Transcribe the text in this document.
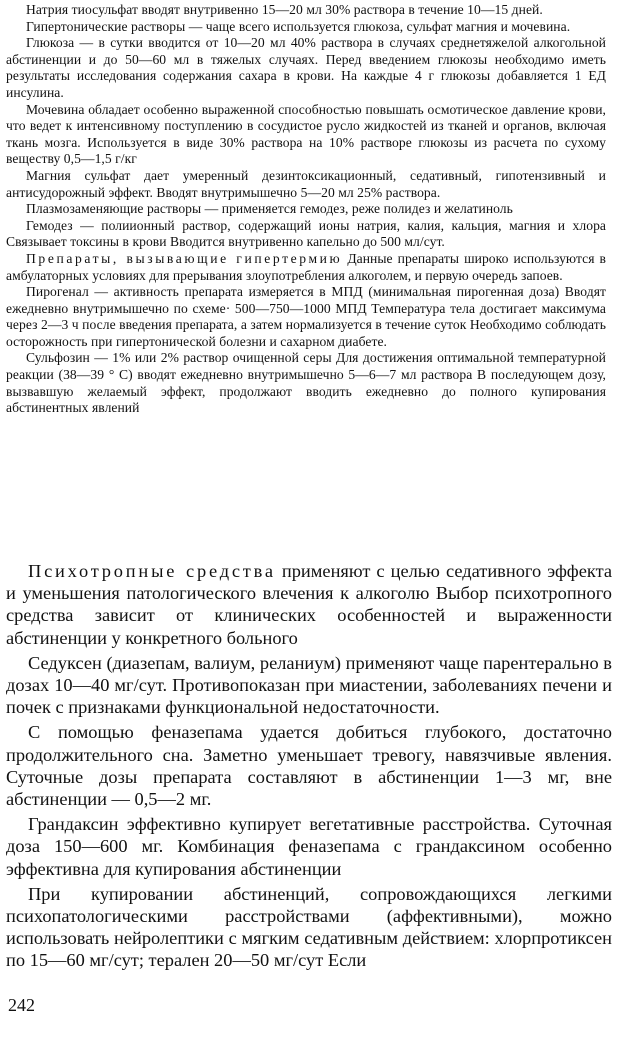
Натрия тиосульфат вводят внутривенно 15—20 мл 30% раствора в течение 10—15 дней.

Гипертонические растворы — чаще всего используется глюкоза, сульфат магния и мочевина.

Глюкоза — в сутки вводится от 10—20 мл 40% раствора в случаях среднетяжелой алкогольной абстиненции и до 50—60 мл в тяжелых случаях. Перед введением глюкозы необходимо иметь результаты исследования содержания сахара в крови. На каждые 4 г глюкозы добавляется 1 ЕД инсулина.

Мочевина обладает особенно выраженной способностью повышать осмотическое давление крови, что ведет к интенсивному поступлению в сосудистое русло жидкостей из тканей и органов, включая ткань мозга. Используется в виде 30% раствора на 10% растворе глюкозы из расчета по сухому веществу 0,5—1,5 г/кг

Магния сульфат дает умеренный дезинтоксикационный, седативный, гипотензивный и антисудорожный эффект. Вводят внутримышечно 5—20 мл 25% раствора.

Плазмозаменяющие растворы — применяется гемодез, реже полидез и желатиноль

Гемодез — полиионный раствор, содержащий ионы натрия, калия, кальция, магния и хлора Связывает токсины в крови Вводится внутривенно капельно до 500 мл/сут.

Препараты, вызывающие гипертермию Данные препараты широко используются в амбулаторных условиях для прерывания злоупотребления алкоголем, и первую очередь запоев.

Пирогенал — активность препарата измеряется в МПД (минимальная пирогенная доза) Вводят ежедневно внутримышечно по схеме· 500—750—1000 МПД Температура тела достигает максимума через 2—3 ч после введения препарата, а затем нормализуется в течение суток Необходимо соблюдать осторожность при гипертонической болезни и сахарном диабете.

Сульфозин — 1% или 2% раствор очищенной серы Для достижения оптимальной температурной реакции (38—39 ° С) вводят ежедневно внутримышечно 5—6—7 мл раствора В последующем дозу, вызвавшую желаемый эффект, продолжают вводить ежедневно до полного купирования абстинентных явлений

Психотропные средства применяют с целью седативного эффекта и уменьшения патологического влечения к алкоголю Выбор психотропного средства зависит от клинических особенностей и выраженности абстиненции у конкретного больного

Седуксен (диазепам, валиум, реланиум) применяют чаще парентерально в дозах 10—40 мг/сут. Противопоказан при миастении, заболеваниях печени и почек с признаками функциональной недостаточности.

С помощью феназепама удается добиться глубокого, достаточно продолжительного сна. Заметно уменьшает тревогу, навязчивые явления. Суточные дозы препарата составляют в абстиненции 1—3 мг, вне абстиненции — 0,5—2 мг.

Грандаксин эффективно купирует вегетативные расстройства. Суточная доза 150—600 мг. Комбинация феназепама с грандаксином особенно эффективна для купирования абстиненции

При купировании абстиненций, сопровождающихся легкими психопатологическими расстройствами (аффективными), можно использовать нейролептики с мягким седативным действием: хлорпротиксен по 15—60 мг/сут; терален 20—50 мг/сут Если

242
